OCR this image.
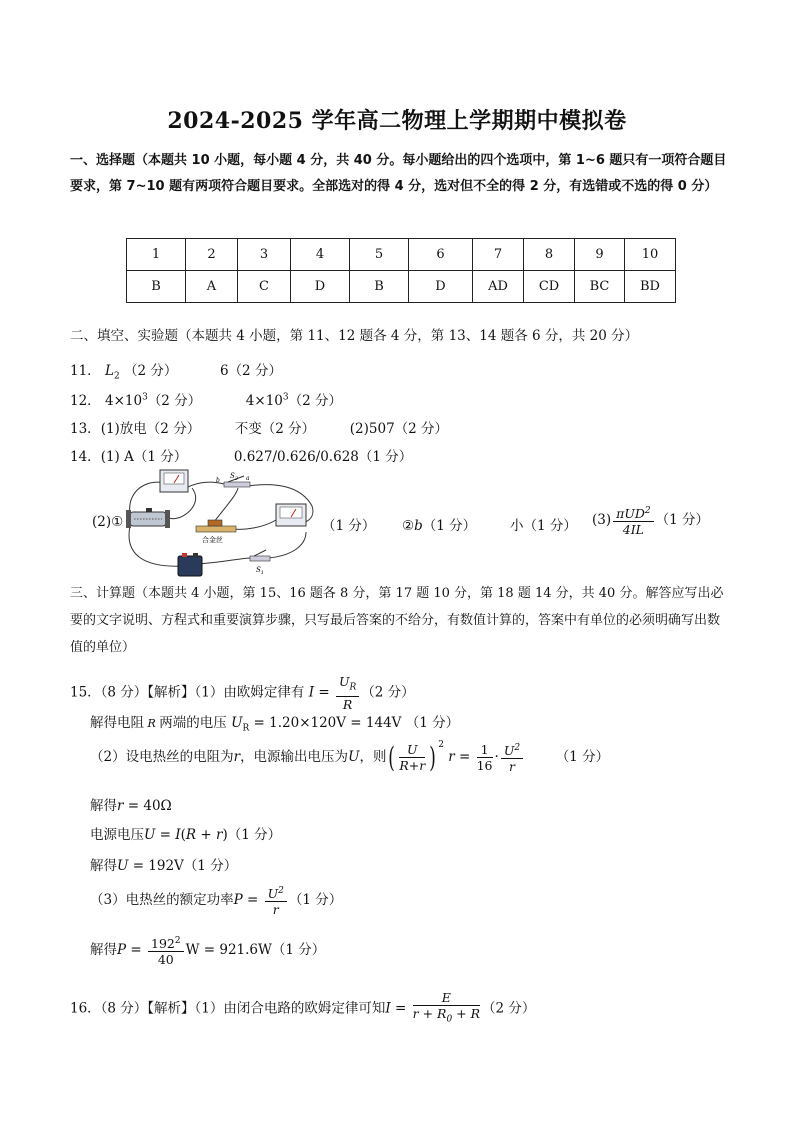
2024-2025 学年高二物理上学期期中模拟卷
一、选择题（本题共 10 小题，每小题 4 分，共 40 分。每小题给出的四个选项中，第 1~6 题只有一项符合题目要求，第 7~10 题有两项符合题目要求。全部选对的得 4 分，选对但不全的得 2 分，有选错或不选的得 0 分）
1	2	3	4	5	6	7	8	9	10
B	A	C	D	B	D	AD	CD	BC	BD
二、填空、实验题（本题共 4 小题，第 11、12 题各 4 分，第 13、14 题各 6 分，共 20 分）
11． $L_2$ （2 分）	6（2 分）
12． $4\times 10^3(2$ 分）	$4\times 10^3(2$ 分）
13．(1)放电（2 分）	不变（2 分）	(2)507（2 分）
14．(1) A（1 分）	0.627/0.626/0.628（1 分）
(2)①
合金丝
$S_2$ a
b
$S_1$
（1 分） ②b（1 分）	小（1 分） $(3) \frac{\pi UD^2}{4IL} (1$ 分）
三、计算题（本题共 4 小题，第 15、16 题各 8 分，第 17 题 10 分，第 18 题 14 分，共 40 分。解答应写出必要的文字说明、方程式和重要演算步骤，只写最后答案的不给分，有数值计算的，答案中有单位的必须明确写出数值的单位）
15．（8 分）【解析】（1）由欧姆定律有 $I = \frac{U_R}{R} (2$ 分）
解得电阻 R 两端的电压 $U_R = 1.20\times 120V = 144V$ （1 分）
（2）设电热丝的电阻为r，电源输出电压为U，则( $\frac{U}{R+r}$ ) $^2$ $r = \frac{1}{16} \cdot \frac{U^2}{r} (1$ 分）
解得r = 40Ω
电源电压U = I(R + r)（1 分）
解得U = 192V（1 分）
（3）电热丝的额定功率$P = \frac{U^2}{r} (1$ 分）
解得$P = \frac{192^2}{40}$ W = 921.6W（1 分）
16．（8 分）【解析】（1）由闭合电路的欧姆定律可知$I = \frac{E}{r + R_0 + R} (2$ 分）
